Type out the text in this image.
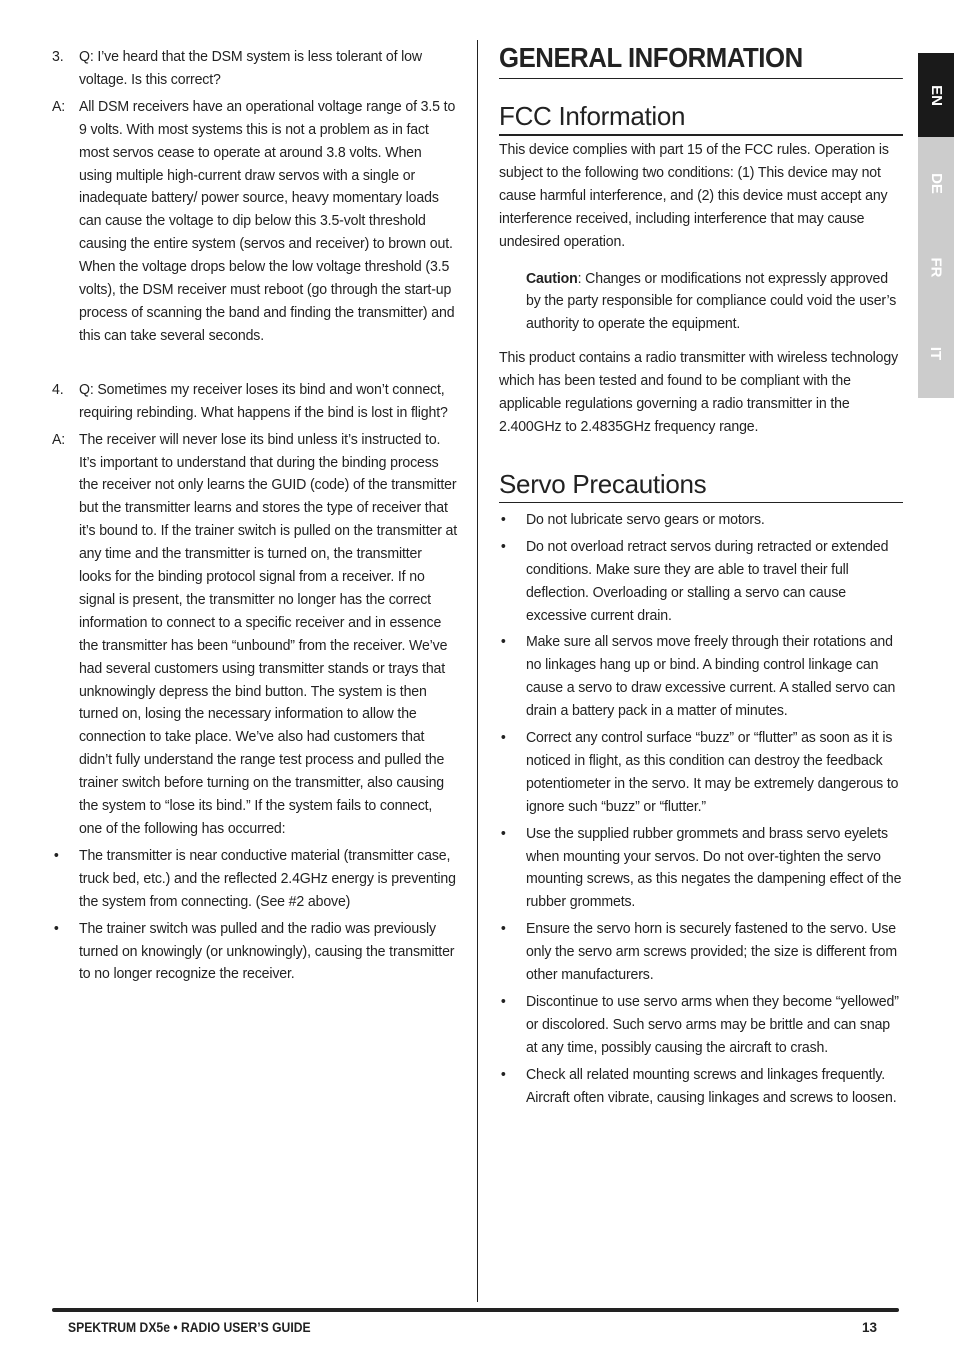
3.	Q: I’ve heard that the DSM system is less tolerant of low voltage. Is this correct?
A: All DSM receivers have an operational voltage range of 3.5 to 9 volts. With most systems this is not a problem as in fact most servos cease to operate at around 3.8 volts. When using multiple high-current draw servos with a single or inadequate battery/ power source, heavy momentary loads can cause the voltage to dip below this 3.5-volt threshold causing the entire system (servos and receiver) to brown out. When the voltage drops below the low voltage threshold (3.5 volts), the DSM receiver must reboot (go through the start-up process of scanning the band and finding the transmitter) and this can take several seconds.
4.	Q: Sometimes my receiver loses its bind and won’t connect, requiring rebinding. What happens if the bind is lost in flight?
A: The receiver will never lose its bind unless it’s instructed to. It’s important to understand that during the binding process the receiver not only learns the GUID (code) of the transmitter but the transmitter learns and stores the type of receiver that it’s bound to. If the trainer switch is pulled on the transmitter at any time and the transmitter is turned on, the transmitter looks for the binding protocol signal from a receiver. If no signal is present, the transmitter no longer has the correct information to connect to a specific receiver and in essence the transmitter has been “unbound” from the receiver. We’ve had several customers using transmitter stands or trays that unknowingly depress the bind button. The system is then turned on, losing the necessary information to allow the connection to take place. We’ve also had customers that didn’t fully understand the range test process and pulled the trainer switch before turning on the transmitter, also causing the system to “lose its bind.” If the system fails to connect, one of the following has occurred:
•	The transmitter is near conductive material (transmitter case, truck bed, etc.) and the reflected 2.4GHz energy is preventing the system from connecting. (See #2 above)
•	The trainer switch was pulled and the radio was previously turned on knowingly (or unknowingly), causing the transmitter to no longer recognize the receiver.
GENERAL INFORMATION
FCC Information
This device complies with part 15 of the FCC rules. Operation is subject to the following two conditions: (1) This device may not cause harmful interference, and (2) this device must accept any interference received, including interference that may cause undesired operation.
Caution: Changes or modifications not expressly approved by the party responsible for compliance could void the user’s authority to operate the equipment.
This product contains a radio transmitter with wireless technology which has been tested and found to be compliant with the applicable regulations governing a radio transmitter in the 2.400GHz to 2.4835GHz frequency range.
Servo Precautions
•	Do not lubricate servo gears or motors.
•	Do not overload retract servos during retracted or extended conditions. Make sure they are able to travel their full deflection. Overloading or stalling a servo can cause excessive current drain.
•	Make sure all servos move freely through their rotations and no linkages hang up or bind. A binding control linkage can cause a servo to draw excessive current. A stalled servo can drain a battery pack in a matter of minutes.
•	Correct any control surface “buzz” or “flutter” as soon as it is noticed in flight, as this condition can destroy the feedback potentiometer in the servo. It may be extremely dangerous to ignore such “buzz” or “flutter.”
•	Use the supplied rubber grommets and brass servo eyelets when mounting your servos. Do not over-tighten the servo mounting screws, as this negates the dampening effect of the rubber grommets.
•	Ensure the servo horn is securely fastened to the servo. Use only the servo arm screws provided; the size is different from other manufacturers.
•	Discontinue to use servo arms when they become “yellowed” or discolored. Such servo arms may be brittle and can snap at any time, possibly causing the aircraft to crash.
•	Check all related mounting screws and linkages frequently. Aircraft often vibrate, causing linkages and screws to loosen.
EN
DE
FR
IT
SPEKTRUM DX5e • RADIO USER’S GUIDE	13
